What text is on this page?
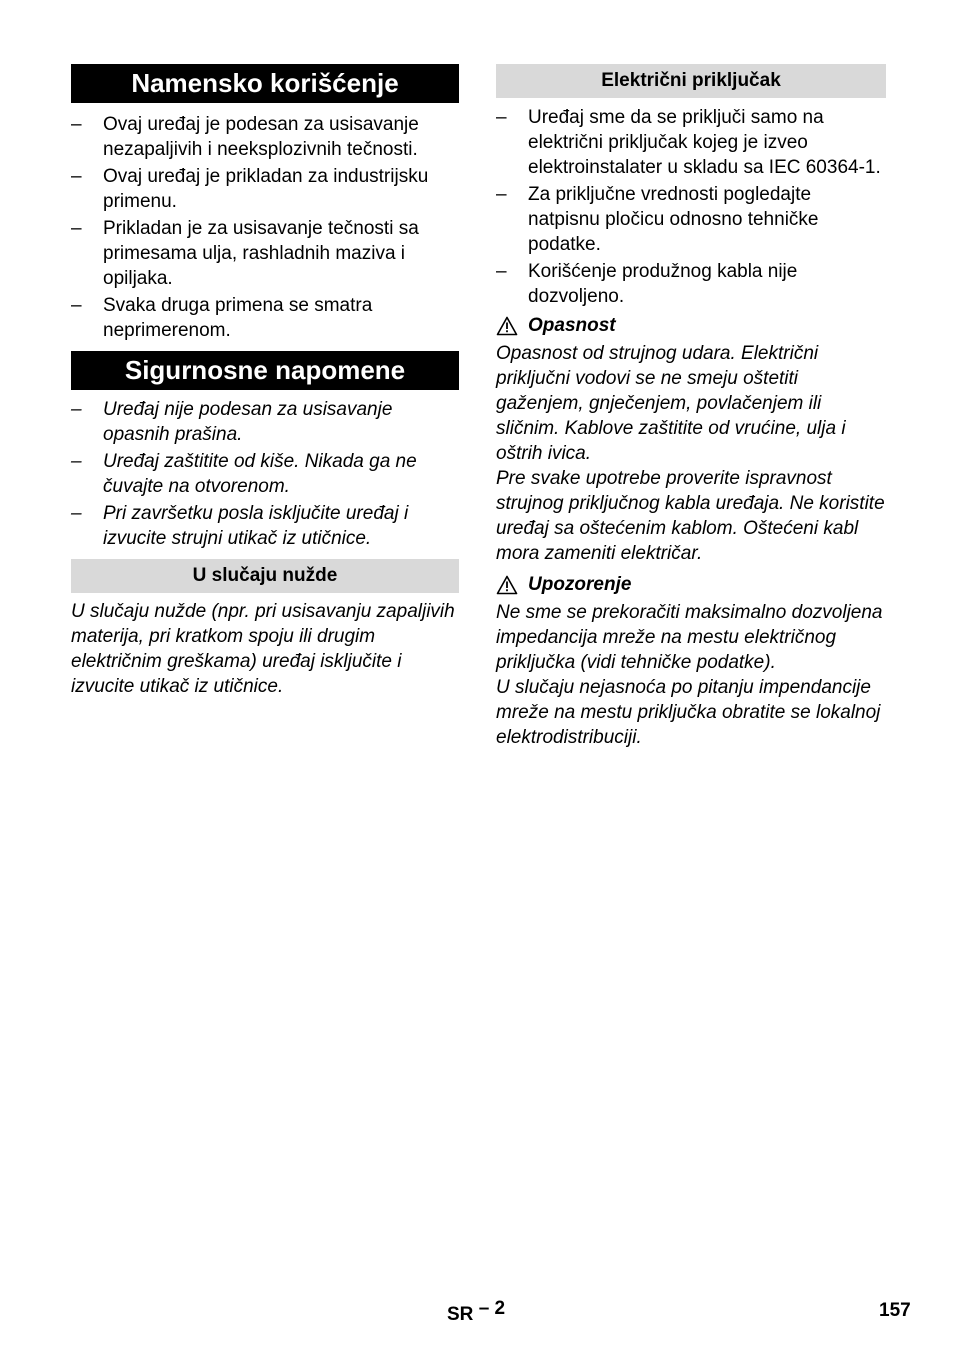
Namensko korišćenje
–	Ovaj uređaj je podesan za usisavanje nezapaljivih i neeksplozivnih tečnosti.
–	Ovaj uređaj je prikladan za industrijsku primenu.
–	Prikladan je za usisavanje tečnosti sa primesama ulja, rashladnih maziva i opiljaka.
–	Svaka druga primena se smatra neprimerenom.
Sigurnosne napomene
–	Uređaj nije podesan za usisavanje opasnih prašina.
–	Uređaj zaštitite od kiše. Nikada ga ne čuvajte na otvorenom.
–	Pri završetku posla isključite uređaj i izvucite strujni utikač iz utičnice.
U slučaju nužde

U slučaju nužde (npr. pri usisavanju zapaljivih materija, pri kratkom spoju ili drugim električnim greškama) uređaj isključite i izvucite utikač iz utičnice.

Električni priključak
–	Uređaj sme da se priključi samo na električni priključak kojeg je izveo elektroinstalater u skladu sa IEC 60364-1.
–	Za priključne vrednosti pogledajte natpisnu pločicu odnosno tehničke podatke.
–	Korišćenje produžnog kabla nije dozvoljeno.
Opasnost

Opasnost od strujnog udara. Električni priključni vodovi se ne smeju oštetiti gaženjem, gnječenjem, povlačenjem ili sličnim. Kablove zaštitite od vrućine, ulja i oštrih ivica.

Pre svake upotrebe proverite ispravnost strujnog priključnog kabla uređaja. Ne koristite uređaj sa oštećenim kablom. Oštećeni kabl mora zameniti električar.

Upozorenje

Ne sme se prekoračiti maksimalno dozvoljena impedancija mreže na mestu električnog priključka (vidi tehničke podatke).

U slučaju nejasnoća po pitanju impendancije mreže na mestu priključka obratite se lokalnoj elektrodistribuciji.

SR – 2	157
